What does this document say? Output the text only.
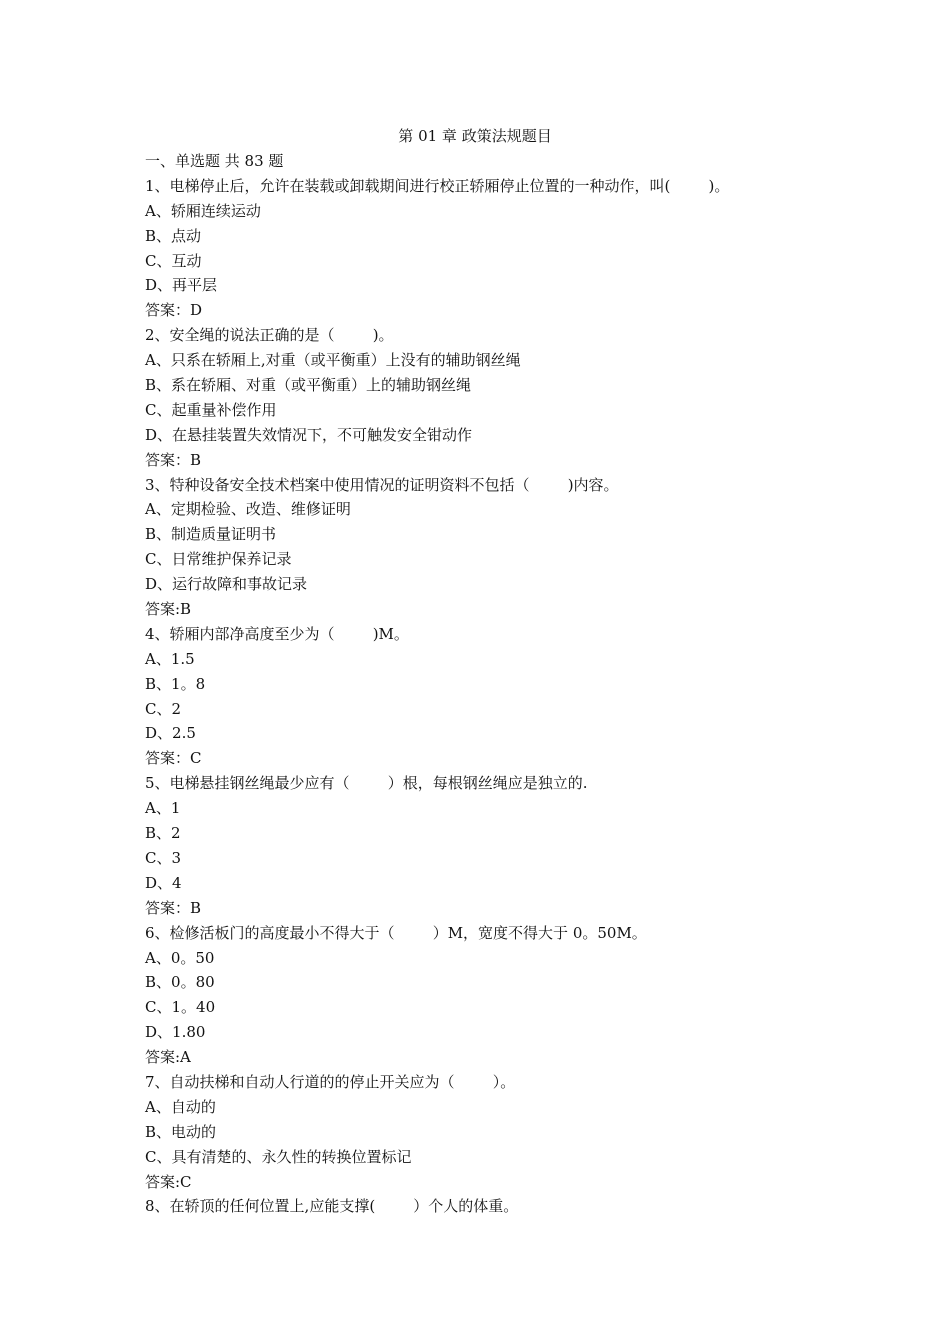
第 01 章 政策法规题目
一、单选题 共 83 题
1、电梯停止后，允许在装载或卸载期间进行校正轿厢停止位置的一种动作，叫(        )。
A、轿厢连续运动
B、点动
C、互动
D、再平层
答案：D
2、安全绳的说法正确的是（        )。
A、只系在轿厢上,对重（或平衡重）上没有的辅助钢丝绳
B、系在轿厢、对重（或平衡重）上的辅助钢丝绳
C、起重量补偿作用
D、在悬挂装置失效情况下，不可触发安全钳动作
答案：B
3、特种设备安全技术档案中使用情况的证明资料不包括（        )内容。
A、定期检验、改造、维修证明
B、制造质量证明书
C、日常维护保养记录
D、运行故障和事故记录
答案:B
4、轿厢内部净高度至少为（        )M。
A、1.5
B、1。8
C、2
D、2.5
答案：C
5、电梯悬挂钢丝绳最少应有（        ）根，每根钢丝绳应是独立的.
A、1
B、2
C、3
D、4
答案：B
6、检修活板门的高度最小不得大于（        ）M，宽度不得大于 0。50M。
A、0。50
B、0。80
C、1。40
D、1.80
答案:A
7、自动扶梯和自动人行道的的停止开关应为（        ）。
A、自动的
B、电动的
C、具有清楚的、永久性的转换位置标记
答案:C
8、在轿顶的任何位置上,应能支撑(        ）个人的体重。
